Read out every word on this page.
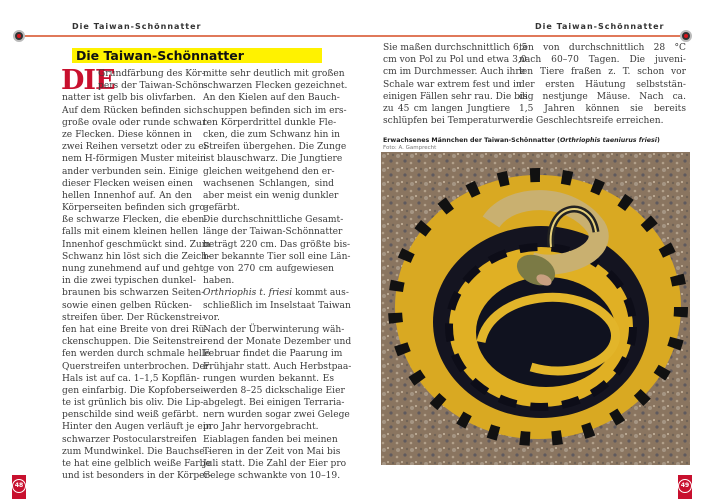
Die Taiwan-Schönnatter	Die Taiwan-Schönnatter
Die Taiwan-Schönnatter
DIE
Grundfärbung des Kör-
pers der Taiwan-Schön-
natter ist gelb bis olivfarben.
Auf dem Rücken befinden sich
große ovale oder runde schwar-
ze Flecken. Diese können in
zwei Reihen versetzt oder zu ei-
nem H-förmigen Muster mitein-
ander verbunden sein. Einige
dieser Flecken weisen einen
hellen Innenhof auf. An den
Körperseiten befinden sich gro-
ße schwarze Flecken, die eben-
falls mit einem kleinen hellen
Innenhof geschmückt sind. Zum
Schwanz hin löst sich die Zeich-
nung zunehmend auf und geht
in die zwei typischen dunkel-
braunen bis schwarzen Seiten-
sowie einen gelben Rücken-
streifen über. Der Rückenstrei-
fen hat eine Breite von drei Rü-
ckenschuppen. Die Seitenstrei-
fen werden durch schmale helle
Querstreifen unterbrochen. Der
Hals ist auf ca. 1–1,5 Kopflän-
gen einfarbig. Die Kopfobersei-
te ist grünlich bis oliv. Die Lip-
penschilde sind weiß gefärbt.
Hinter den Augen verläuft je ein
schwarzer Postocularstreifen
zum Mundwinkel. Die Bauchsei-
te hat eine gelblich weiße Farbe
und ist besonders in der Körper-
mitte sehr deutlich mit großen
schwarzen Flecken gezeichnet.
An den Kielen auf den Bauch-
schuppen befinden sich im ers-
ten Körperdrittel dunkle Fle-
cken, die zum Schwanz hin in
Streifen übergehen. Die Zunge
ist blauschwarz. Die Jungtiere
gleichen weitgehend den er-
wachsenen Schlangen, sind
aber meist ein wenig dunkler
gefärbt.
Die durchschnittliche Gesamt-
länge der Taiwan-Schönnatter
beträgt 220 cm. Das größte bis-
her bekannte Tier soll eine Län-
ge von 270 cm aufgewiesen
haben.
Orthriophis t. friesi kommt aus-
schließlich im Inselstaat Taiwan
vor.
Nach der Überwinterung wäh-
rend der Monate Dezember und
Februar findet die Paarung im
Frühjahr statt. Auch Herbstpaa-
rungen wurden bekannt. Es
werden 8–25 dickschalige Eier
abgelegt. Bei einigen Terraria-
nern wurden sogar zwei Gelege
pro Jahr hervorgebracht.
Eiablagen fanden bei meinen
Tieren in der Zeit von Mai bis
Juli statt. Die Zahl der Eier pro
Gelege schwankte von 10–19.
Sie maßen durchschnittlich 6,5
cm von Pol zu Pol und etwa 3,0
cm im Durchmesser. Auch ihre
Schale war extrem fest und in
einigen Fällen sehr rau. Die bis
zu 45 cm langen Jungtiere
schlüpfen bei Temperaturwer-
ten von durchschnittlich 28 °C
nach 60–70 Tagen. Die juveni-
len Tiere fraßen z. T. schon vor
der ersten Häutung selbststän-
dig nestjunge Mäuse. Nach ca.
1,5 Jahren können sie bereits
die Geschlechtsreife erreichen.
Erwachsenes Männchen der Taiwan-Schönnatter (Orthriophis taeniurus friesi)
Foto: A. Gamprecht
48	49
